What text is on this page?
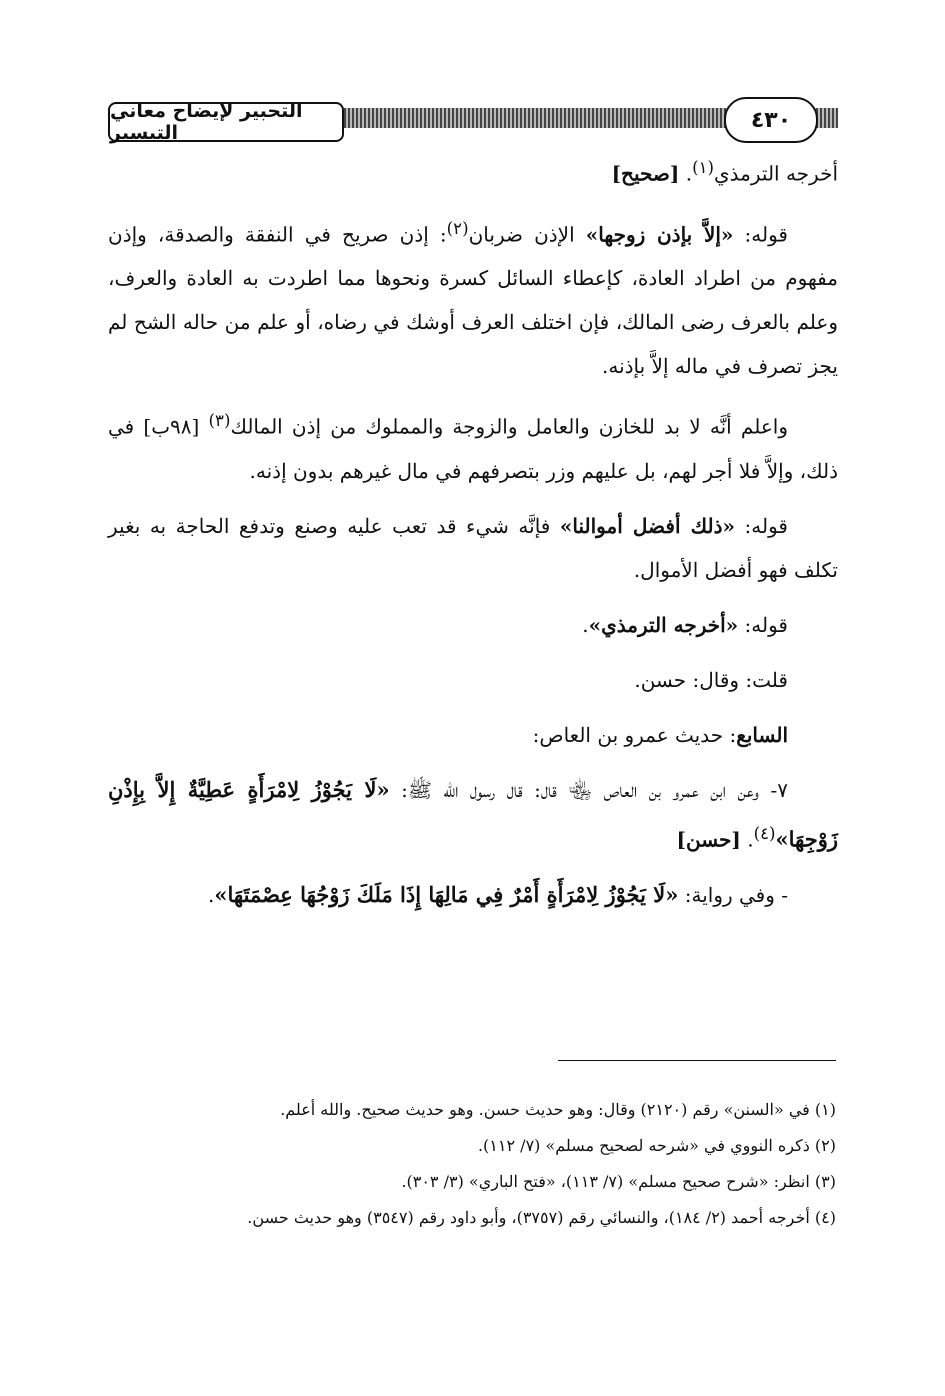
التحبير لإيضاح معاني التيسير
٤٣٠

أخرجه الترمذي$^{(١)}$. [صحيح]

قوله: «إلاَّ بإذن زوجها» الإذن ضربان$^{(٢)}$: إذن صريح في النفقة والصدقة، وإذن مفهوم من اطراد العادة، كإعطاء السائل كسرة ونحوها مما اطردت به العادة والعرف، وعلم بالعرف رضى المالك، فإن اختلف العرف أوشك في رضاه، أو علم من حاله الشح لم يجز تصرف في ماله إلاَّ بإذنه.

واعلم أنَّه لا بد للخازن والعامل والزوجة والمملوك من إذن المالك$^{(٣)}$ [٩٨ب] في ذلك، وإلاَّ فلا أجر لهم، بل عليهم وزر بتصرفهم في مال غيرهم بدون إذنه.

قوله: «ذلك أفضل أموالنا» فإنَّه شيء قد تعب عليه وصنع وتدفع الحاجة به بغير تكلف فهو أفضل الأموال.

قوله: «أخرجه الترمذي».

قلت: وقال: حسن.

السابع: حديث عمرو بن العاص:

٧- وعن ابن عمرو بن العاص ﵄ قال: قال رسول الله ﷺ: «لَا يَجُوْزُ لِامْرَأَةٍ عَطِيَّةٌ إِلاَّ بِإِذْنِ زَوْجِهَا»$^{(٤)}$. [حسن]

- وفي رواية: «لَا يَجُوْزُ لِامْرَأَةٍ أَمْرٌ فِي مَالِهَا إِذَا مَلَكَ زَوْجُهَا عِصْمَتَهَا».

(١) في «السنن» رقم (٢١٢٠) وقال: وهو حديث حسن. وهو حديث صحيح. والله أعلم.

(٢) ذكره النووي في «شرحه لصحيح مسلم» (٧/ ١١٢).

(٣) انظر: «شرح صحيح مسلم» (٧/ ١١٣)، «فتح الباري» (٣/ ٣٠٣).

(٤) أخرجه أحمد (٢/ ١٨٤)، والنسائي رقم (٣٧٥٧)، وأبو داود رقم (٣٥٤٧) وهو حديث حسن.
